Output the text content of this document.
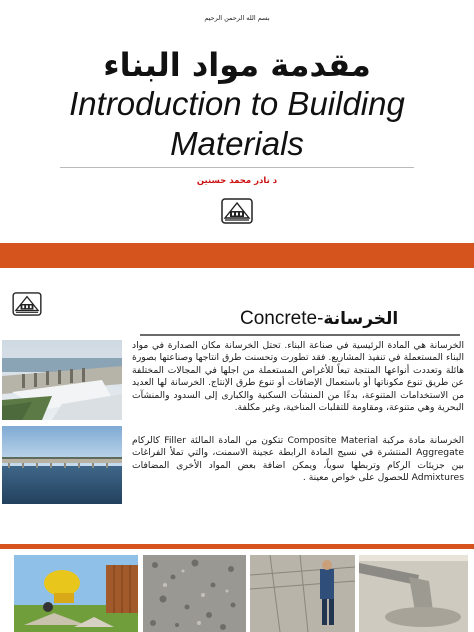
بسم الله الرحمن الرحيم
مقدمة مواد البناء
Introduction to Building
Materials
د نادر محمد حسنين
Concrete-الخرسانة
الخرسانة هي المادة الرئيسية في صناعة البناء. تحتل الخرسانة مكان الصدارة في مواد البناء المستعملة في تنفيذ المشاريع. فقد تطورت وتحسنت طرق انتاجها وصناعتها بصورة هائلة وتعددت أنواعها المنتجة تبعاً للأغراض المستعملة من اجلها في المجالات المختلفة عن طريق تنوع مكوناتها أو باستعمال الإضافات أو تنوع طرق الإنتاج. الخرسانة لها العديد من الاستخدامات المتنوعة، بدءًا من المنشآت السكنية والكبارى إلى السدود والمنشآت البحرية وهي متنوعة، ومقاومة للتقلبات المناخية، وغير مكلفة.
الخرسانة مادة مركبة Composite Material تتكون من المادة المالئة Filler كالركام Aggregate المنتشرة في نسيج المادة الرابطة عجينة الاسمنت، والتي تملأ الفراغات بين جزيئات الركام وتربطها سوياً، ويمكن اضافة بعض المواد الأخرى المضافات Admixtures للحصول على خواص معينة .
